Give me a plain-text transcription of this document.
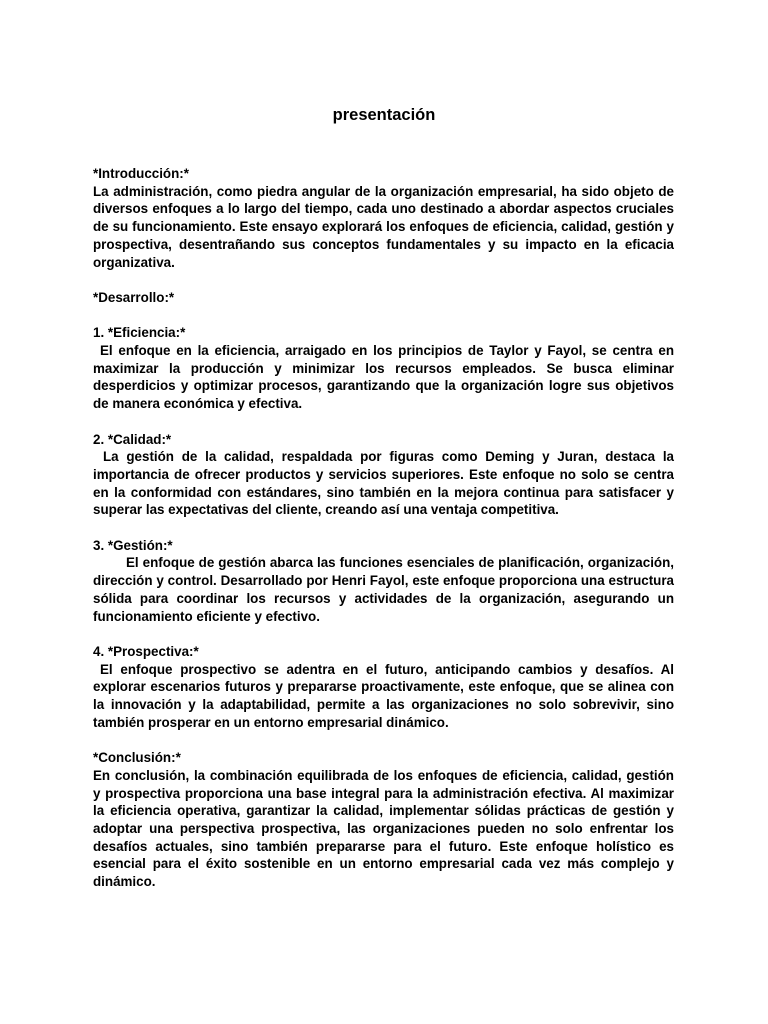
presentación

*Introducción:*

La administración, como piedra angular de la organización empresarial, ha sido objeto de diversos enfoques a lo largo del tiempo, cada uno destinado a abordar aspectos cruciales de su funcionamiento. Este ensayo explorará los enfoques de eficiencia, calidad, gestión y prospectiva, desentrañando sus conceptos fundamentales y su impacto en la eficacia organizativa.

*Desarrollo:*

1. *Eficiencia:*

El enfoque en la eficiencia, arraigado en los principios de Taylor y Fayol, se centra en maximizar la producción y minimizar los recursos empleados. Se busca eliminar desperdicios y optimizar procesos, garantizando que la organización logre sus objetivos de manera económica y efectiva.

2. *Calidad:*

La gestión de la calidad, respaldada por figuras como Deming y Juran, destaca la importancia de ofrecer productos y servicios superiores. Este enfoque no solo se centra en la conformidad con estándares, sino también en la mejora continua para satisfacer y superar las expectativas del cliente, creando así una ventaja competitiva.

3. *Gestión:*

El enfoque de gestión abarca las funciones esenciales de planificación, organización, dirección y control. Desarrollado por Henri Fayol, este enfoque proporciona una estructura sólida para coordinar los recursos y actividades de la organización, asegurando un funcionamiento eficiente y efectivo.

4. *Prospectiva:*

El enfoque prospectivo se adentra en el futuro, anticipando cambios y desafíos. Al explorar escenarios futuros y prepararse proactivamente, este enfoque, que se alinea con la innovación y la adaptabilidad, permite a las organizaciones no solo sobrevivir, sino también prosperar en un entorno empresarial dinámico.

*Conclusión:*

En conclusión, la combinación equilibrada de los enfoques de eficiencia, calidad, gestión y prospectiva proporciona una base integral para la administración efectiva. Al maximizar la eficiencia operativa, garantizar la calidad, implementar sólidas prácticas de gestión y adoptar una perspectiva prospectiva, las organizaciones pueden no solo enfrentar los desafíos actuales, sino también prepararse para el futuro. Este enfoque holístico es esencial para el éxito sostenible en un entorno empresarial cada vez más complejo y dinámico.
